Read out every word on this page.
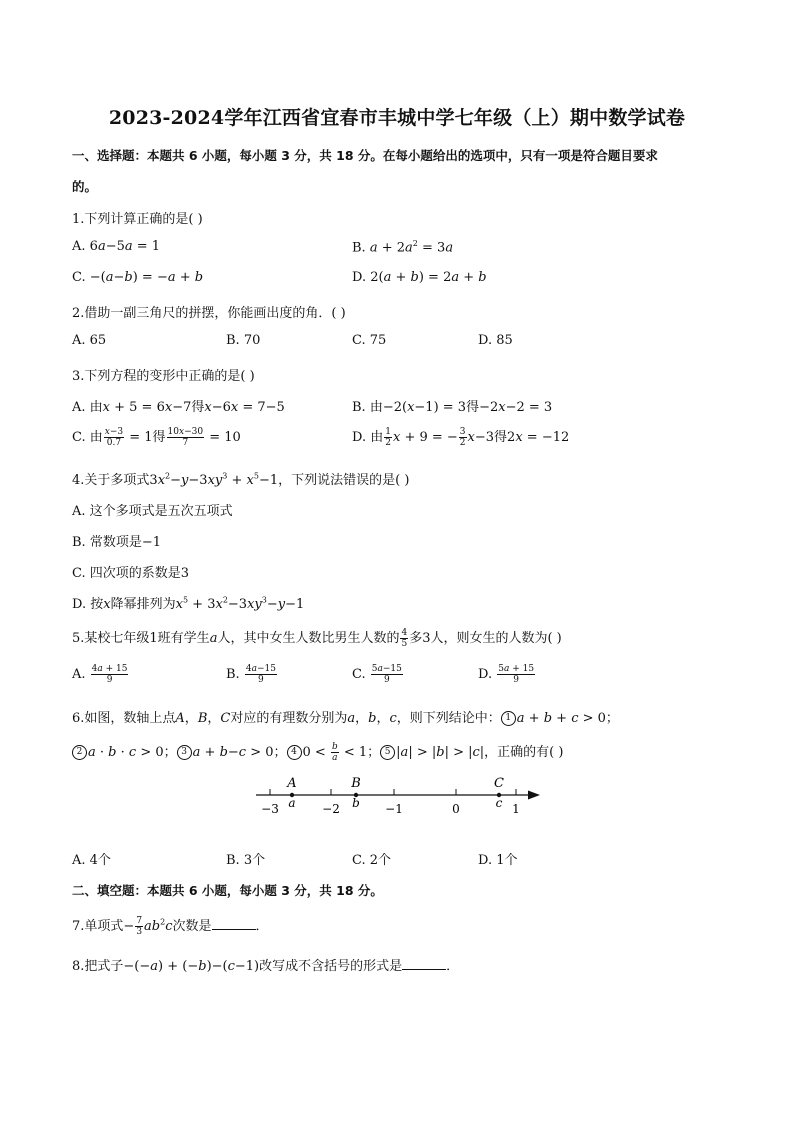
2023-2024学年江西省宜春市丰城中学七年级（上）期中数学试卷
一、选择题：本题共 6 小题，每小题 3 分，共 18 分。在每小题给出的选项中，只有一项是符合题目要求
的。
1.下列计算正确的是( )
A. 6a−5a = 1	B. $a + 2a^2 = 3a$
C. −(a−b) = −a + b	D. 2(a + b) = 2a + b
2.借助一副三角尺的拼摆，你能画出度的角．( )
A. 65	B. 70	C. 75	D. 85
3.下列方程的变形中正确的是( )
A. 由x + 5 = 6x−7得x−6x = 7−5	B. 由−2(x−1) = 3得−2x−2 = 3
C. 由 $\frac{x-3}{0.7} = 1$得 $\frac{10x-30}{7} = 10$	D. 由 $\frac{1}{2}$ x + 9 = − $\frac{3}{2} x-3$得2x = −12
4.关于多项式$3x^2-y-3xy^3 + x^5-1$，下列说法错误的是( )
A. 这个多项式是五次五项式
B. 常数项是−1
C. 四次项的系数是3
D. 按x降幂排列为$x^5 + 3x^2-3xy^3-y-1$
5.某校七年级1班有学生a人，其中女生人数比男生人数的 $\frac{4}{5}$ 多3人，则女生的人数为( )
A. $\frac{4a + 15}{9}$	B. $\frac{4a-15}{9}$	C. $\frac{5a-15}{9}$	D. $\frac{5a + 15}{9}$
6.如图，数轴上点A，B，C对应的有理数分别为a，b，c，则下列结论中： 1 a + b + c > 0；
2 a · b · c > 0； 3 a + b−c > 0； 4 $0 < \frac{b}{a} < 1$； 5 |a| > |b| > |c|，正确的有( )
−3	−2	−1	0	1
A
a
B
b
C
c
A. 4个	B. 3个	C. 2个	D. 1个
二、填空题：本题共 6 小题，每小题 3 分，共 18 分。
7.单项式− $\frac{7}{3} ab^2c$次数是	．
8.把式子−(−a) + (−b)−(c−1)改写成不含括号的形式是	．
